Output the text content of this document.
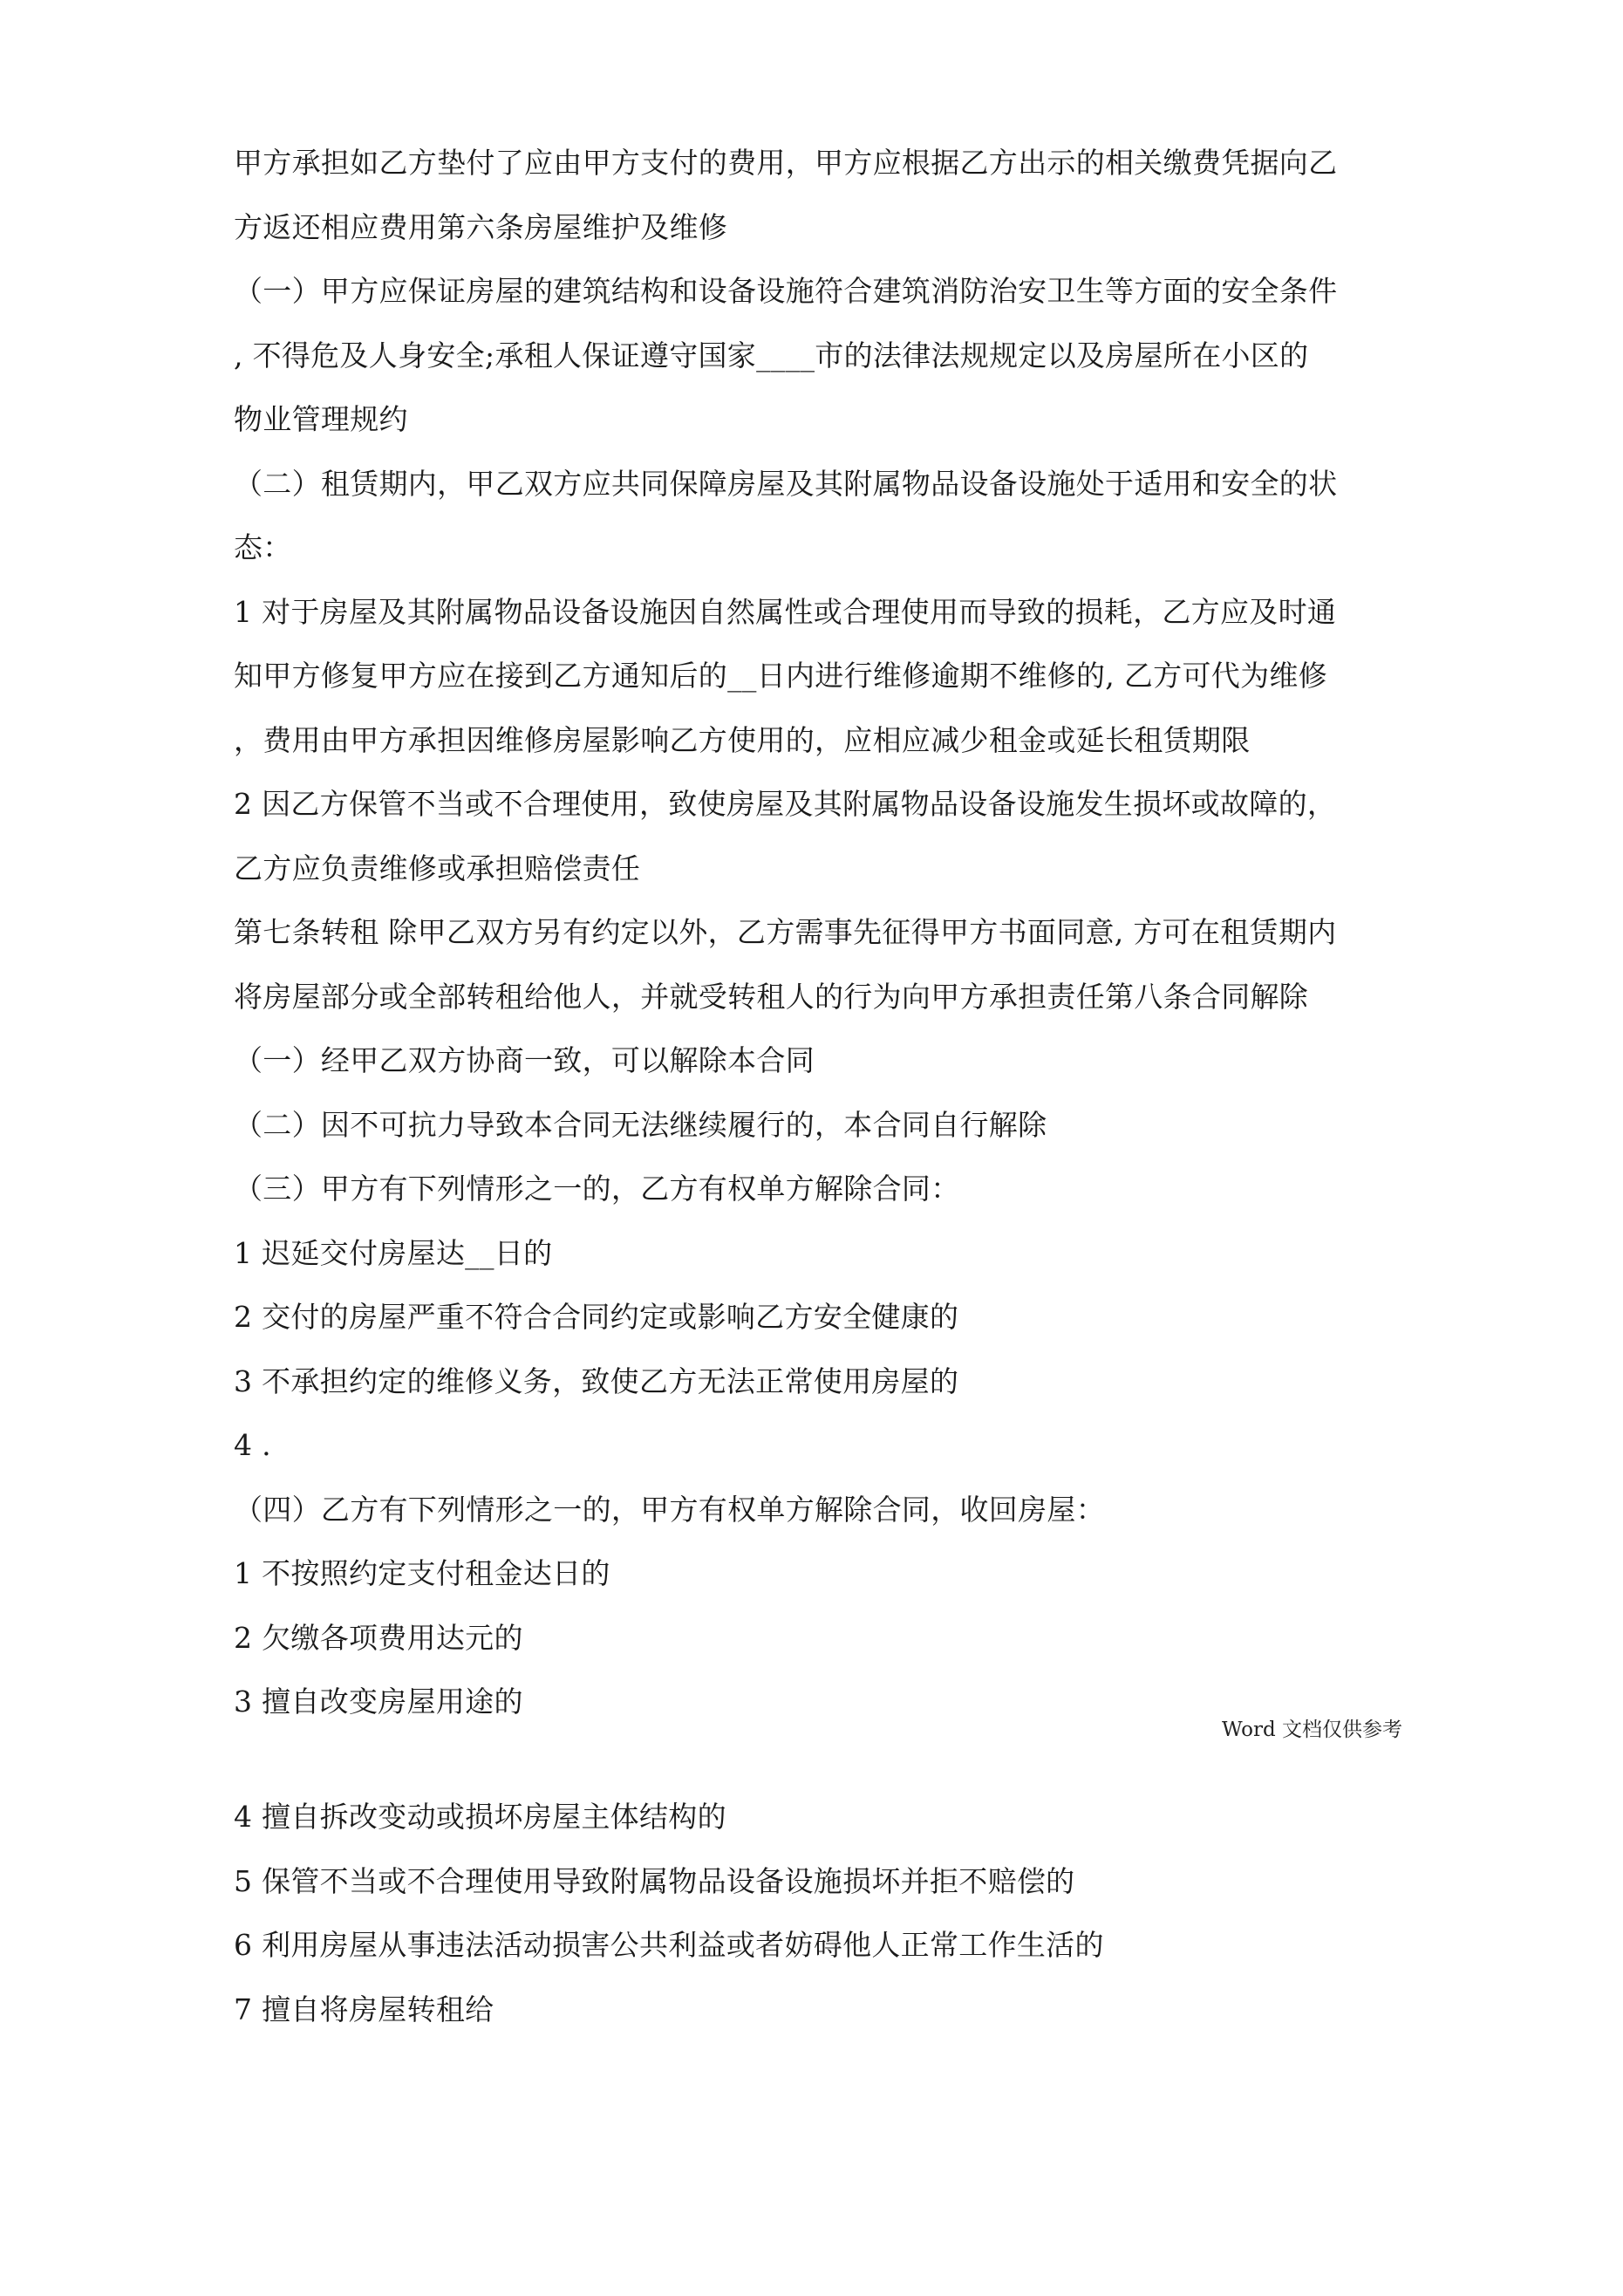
甲方承担如乙方垫付了应由甲方支付的费用，甲方应根据乙方出示的相关缴费凭据向乙
方返还相应费用第六条房屋维护及维修
（一）甲方应保证房屋的建筑结构和设备设施符合建筑消防治安卫生等方面的安全条件
, 不得危及人身安全;承租人保证遵守国家____市的法律法规规定以及房屋所在小区的
物业管理规约
（二）租赁期内，甲乙双方应共同保障房屋及其附属物品设备设施处于适用和安全的状
态：
1 对于房屋及其附属物品设备设施因自然属性或合理使用而导致的损耗，乙方应及时通
知甲方修复甲方应在接到乙方通知后的__日内进行维修逾期不维修的, 乙方可代为维修
，费用由甲方承担因维修房屋影响乙方使用的，应相应减少租金或延长租赁期限
2 因乙方保管不当或不合理使用，致使房屋及其附属物品设备设施发生损坏或故障的，
乙方应负责维修或承担赔偿责任
第七条转租 除甲乙双方另有约定以外，乙方需事先征得甲方书面同意, 方可在租赁期内
将房屋部分或全部转租给他人，并就受转租人的行为向甲方承担责任第八条合同解除
（一）经甲乙双方协商一致，可以解除本合同
（二）因不可抗力导致本合同无法继续履行的，本合同自行解除
（三）甲方有下列情形之一的，乙方有权单方解除合同：
1 迟延交付房屋达__日的
2 交付的房屋严重不符合合同约定或影响乙方安全健康的
3 不承担约定的维修义务，致使乙方无法正常使用房屋的
4 .
（四）乙方有下列情形之一的，甲方有权单方解除合同，收回房屋：
1 不按照约定支付租金达日的
2 欠缴各项费用达元的
3 擅自改变房屋用途的
Word 文档仅供参考
4 擅自拆改变动或损坏房屋主体结构的
5 保管不当或不合理使用导致附属物品设备设施损坏并拒不赔偿的
6 利用房屋从事违法活动损害公共利益或者妨碍他人正常工作生活的
7 擅自将房屋转租给
